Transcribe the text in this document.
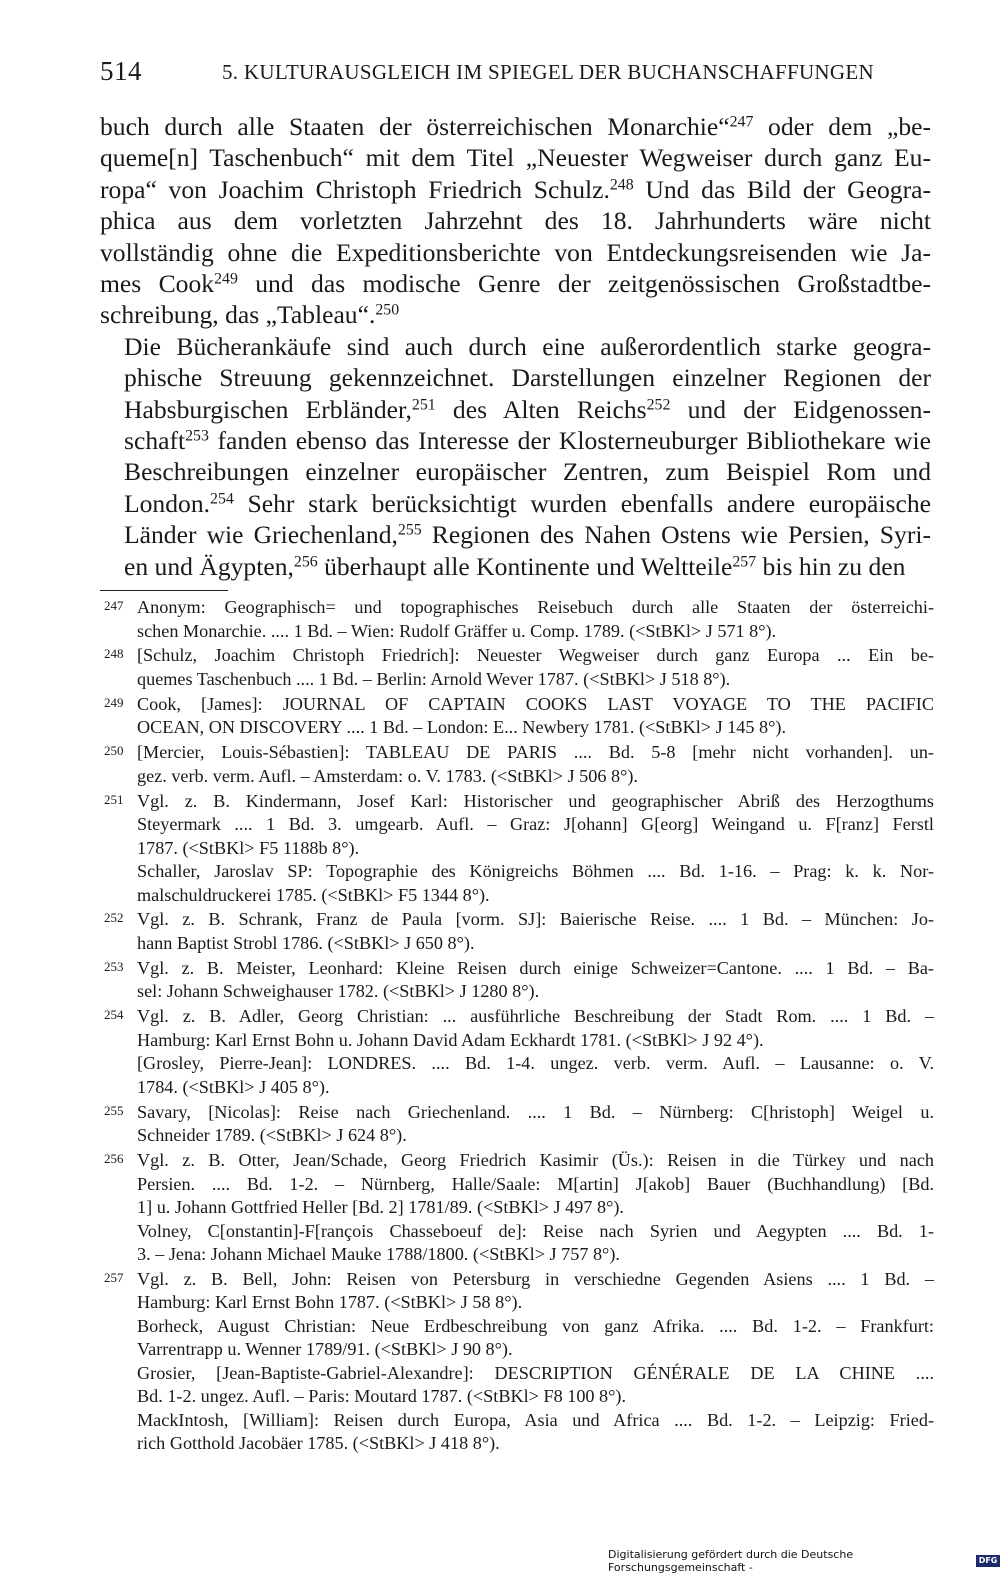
514	5. KULTURAUSGLEICH IM SPIEGEL DER BUCHANSCHAFFUNGEN

buch durch alle Staaten der österreichischen Monarchie“$^{247}$ oder dem „be-
queme[n] Taschenbuch“ mit dem Titel „Neuester Wegweiser durch ganz Eu-
ropa“ von Joachim Christoph Friedrich Schulz.$^{248}$ Und das Bild der Geogra-
phica aus dem vorletzten Jahrzehnt des 18. Jahrhunderts wäre nicht
vollständig ohne die Expeditionsberichte von Entdeckungsreisenden wie Ja-
mes Cook$^{249}$ und das modische Genre der zeitgenössischen Großstadtbe-
schreibung, das „Tableau“.$^{250}$

Die Bücherankäufe sind auch durch eine außerordentlich starke geogra-
phische Streuung gekennzeichnet. Darstellungen einzelner Regionen der
Habsburgischen Erbländer,$^{251}$ des Alten Reichs$^{252}$ und der Eidgenossen-
schaft$^{253}$ fanden ebenso das Interesse der Klosterneuburger Bibliothekare wie
Beschreibungen einzelner europäischer Zentren, zum Beispiel Rom und
London.$^{254}$ Sehr stark berücksichtigt wurden ebenfalls andere europäische
Länder wie Griechenland,$^{255}$ Regionen des Nahen Ostens wie Persien, Syri-
en und Ägypten,$^{256}$ überhaupt alle Kontinente und Weltteile$^{257}$ bis hin zu den

247 Anonym: Geographisch= und topographisches Reisebuch durch alle Staaten der österreichi-
schen Monarchie. .... 1 Bd. – Wien: Rudolf Gräffer u. Comp. 1789. (<StBKl> J 571 8°).
248 [Schulz, Joachim Christoph Friedrich]: Neuester Wegweiser durch ganz Europa ... Ein be-
quemes Taschenbuch .... 1 Bd. – Berlin: Arnold Wever 1787. (<StBKl> J 518 8°).
249 Cook, [James]: JOURNAL OF CAPTAIN COOKS LAST VOYAGE TO THE PACIFIC
OCEAN, ON DISCOVERY .... 1 Bd. – London: E... Newbery 1781. (<StBKl> J 145 8°).
250 [Mercier, Louis-Sébastien]: TABLEAU DE PARIS .... Bd. 5-8 [mehr nicht vorhanden]. un-
gez. verb. verm. Aufl. – Amsterdam: o. V. 1783. (<StBKl> J 506 8°).
251 Vgl. z. B. Kindermann, Josef Karl: Historischer und geographischer Abriß des Herzogthums
Steyermark .... 1 Bd. 3. umgearb. Aufl. – Graz: J[ohann] G[eorg] Weingand u. F[ranz] Ferstl
1787. (<StBKl> F5 1188b 8°).
Schaller, Jaroslav SP: Topographie des Königreichs Böhmen .... Bd. 1-16. – Prag: k. k. Nor-
malschuldruckerei 1785. (<StBKl> F5 1344 8°).
252 Vgl. z. B. Schrank, Franz de Paula [vorm. SJ]: Baierische Reise. .... 1 Bd. – München: Jo-
hann Baptist Strobl 1786. (<StBKl> J 650 8°).
253 Vgl. z. B. Meister, Leonhard: Kleine Reisen durch einige Schweizer=Cantone. .... 1 Bd. – Ba-
sel: Johann Schweighauser 1782. (<StBKl> J 1280 8°).
254 Vgl. z. B. Adler, Georg Christian: ... ausführliche Beschreibung der Stadt Rom. .... 1 Bd. –
Hamburg: Karl Ernst Bohn u. Johann David Adam Eckhardt 1781. (<StBKl> J 92 4°).
[Grosley, Pierre-Jean]: LONDRES. .... Bd. 1-4. ungez. verb. verm. Aufl. – Lausanne: o. V.
1784. (<StBKl> J 405 8°).
255 Savary, [Nicolas]: Reise nach Griechenland. .... 1 Bd. – Nürnberg: C[hristoph] Weigel u.
Schneider 1789. (<StBKl> J 624 8°).
256 Vgl. z. B. Otter, Jean/Schade, Georg Friedrich Kasimir (Üs.): Reisen in die Türkey und nach
Persien. .... Bd. 1-2. – Nürnberg, Halle/Saale: M[artin] J[akob] Bauer (Buchhandlung) [Bd.
1] u. Johann Gottfried Heller [Bd. 2] 1781/89. (<StBKl> J 497 8°).
Volney, C[onstantin]-F[rançois Chasseboeuf de]: Reise nach Syrien und Aegypten .... Bd. 1-
3. – Jena: Johann Michael Mauke 1788/1800. (<StBKl> J 757 8°).
257 Vgl. z. B. Bell, John: Reisen von Petersburg in verschiedne Gegenden Asiens .... 1 Bd. –
Hamburg: Karl Ernst Bohn 1787. (<StBKl> J 58 8°).
Borheck, August Christian: Neue Erdbeschreibung von ganz Afrika. .... Bd. 1-2. – Frankfurt:
Varrentrapp u. Wenner 1789/91. (<StBKl> J 90 8°).
Grosier, [Jean-Baptiste-Gabriel-Alexandre]: DESCRIPTION GÉNÉRALE DE LA CHINE ....
Bd. 1-2. ungez. Aufl. – Paris: Moutard 1787. (<StBKl> F8 100 8°).
MackIntosh, [William]: Reisen durch Europa, Asia und Africa .... Bd. 1-2. – Leipzig: Fried-
rich Gotthold Jacobäer 1785. (<StBKl> J 418 8°).
Digitalisierung gefördert durch die Deutsche Forschungsgemeinschaft -
DFG
